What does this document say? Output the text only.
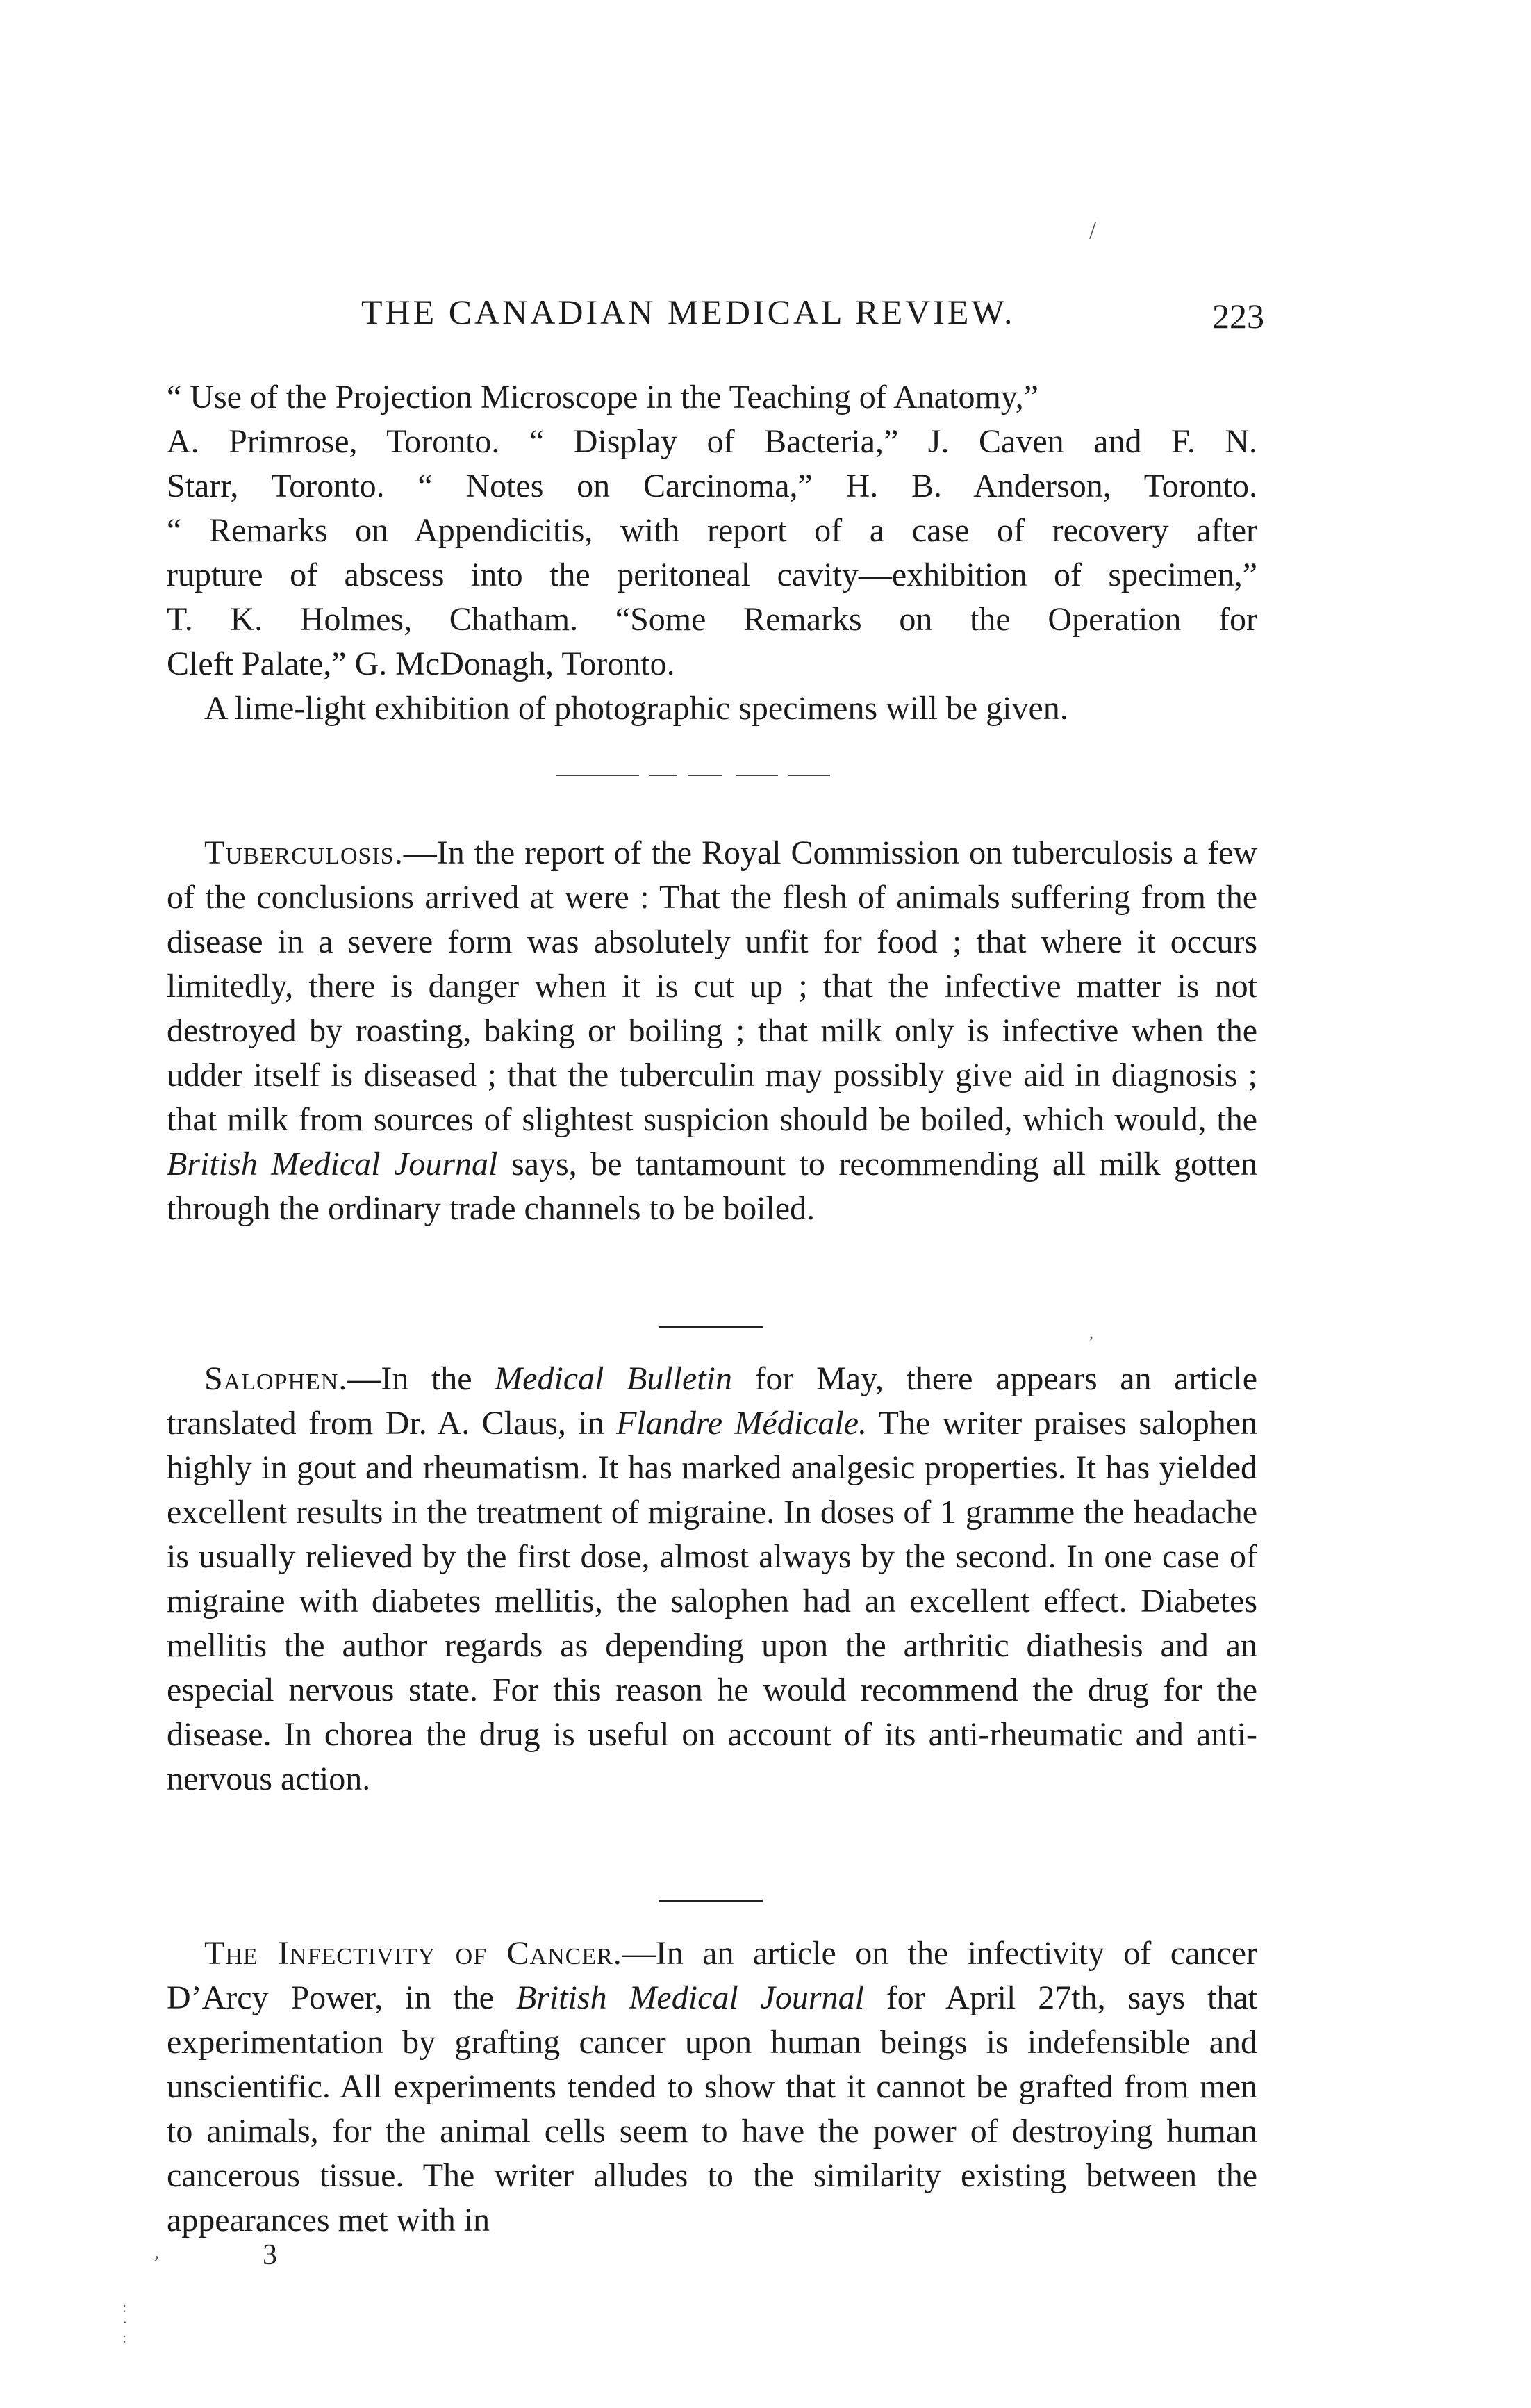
/
THE CANADIAN MEDICAL REVIEW.	223

“ Use of the Projection Microscope in the Teaching of Anatomy,”

A. Primrose, Toronto. “ Display of Bacteria,” J. Caven and F. N.

Starr, Toronto. “ Notes on Carcinoma,” H. B. Anderson, Toronto.

“ Remarks on Appendicitis, with report of a case of recovery after

rupture of abscess into the peritoneal cavity—exhibition of specimen,”

T. K. Holmes, Chatham. “Some Remarks on the Operation for

Cleft Palate,” G. McDonagh, Toronto.

A lime-light exhibition of photographic specimens will be given.

Tuberculosis.—In the report of the Royal Commission on tuberculosis a few of the conclusions arrived at were : That the flesh of animals suffering from the disease in a severe form was absolutely unfit for food ; that where it occurs limitedly, there is danger when it is cut up ; that the infective matter is not destroyed by roasting, baking or boiling ; that milk only is infective when the udder itself is diseased ; that the tuberculin may possibly give aid in diagnosis ; that milk from sources of slightest suspicion should be boiled, which would, the British Medical Journal says, be tantamount to recommending all milk gotten through the ordinary trade channels to be boiled.

,

Salophen.—In the Medical Bulletin for May, there appears an article translated from Dr. A. Claus, in Flandre Médicale. The writer praises salophen highly in gout and rheumatism. It has marked analgesic properties. It has yielded excellent results in the treatment of migraine. In doses of 1 gramme the headache is usually relieved by the first dose, almost always by the second. In one case of migraine with diabetes mellitis, the salophen had an excellent effect. Diabetes mellitis the author regards as depending upon the arthritic diathesis and an especial nervous state. For this reason he would recommend the drug for the disease. In chorea the drug is useful on account of its anti-rheumatic and anti-nervous action.

The Infectivity of Cancer.—In an article on the infectivity of cancer D’Arcy Power, in the British Medical Journal for April 27th, says that experimentation by grafting cancer upon human beings is indefensible and unscientific. All experiments tended to show that it cannot be grafted from men to animals, for the animal cells seem to have the power of destroying human cancerous tissue. The writer alludes to the similarity existing between the appearances met with in

,	3
:
·
:
